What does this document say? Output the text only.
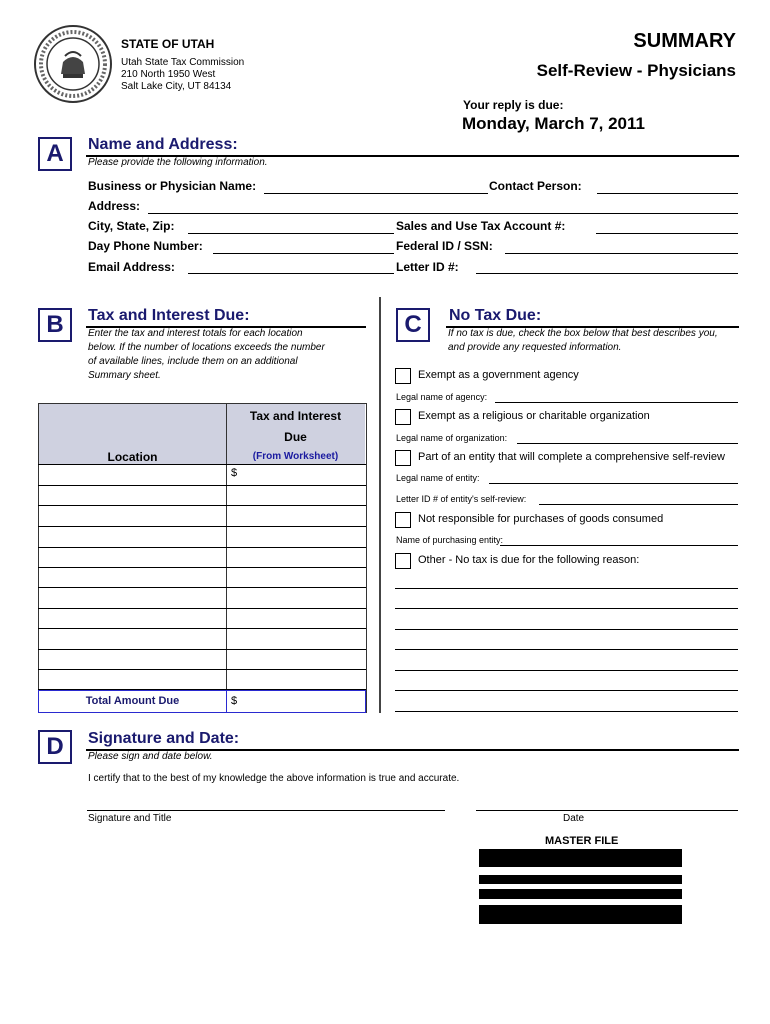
STATE OF UTAH
Utah State Tax Commission
210 North 1950 West
Salt Lake City, UT 84134
SUMMARY
Self-Review - Physicians
Your reply is due:
Monday, March 7, 2011
A	Name and Address:
Please provide the following information.
Business or Physician Name:	Contact Person:
Address:
City, State, Zip:	Sales and Use Tax Account #:
Day Phone Number:	Federal ID / SSN:
Email Address:	Letter ID #:
B	Tax and Interest Due:
Enter the tax and interest totals for each location below. If the number of locations exceeds the number of available lines, include them on an additional Summary sheet.
Location
Tax and Interest
Due
(From Worksheet)
$
Total Amount Due	$
C	No Tax Due:
If no tax is due, check the box below that best describes you, and provide any requested information.
Exempt as a government agency
Legal name of agency:
Exempt as a religious or charitable organization
Legal name of organization:
Part of an entity that will complete a comprehensive self-review
Legal name of entity:
Letter ID # of entity's self-review:
Not responsible for purchases of goods consumed
Name of purchasing entity:
Other - No tax is due for the following reason:
D	Signature and Date:
Please sign and date below.
I certify that to the best of my knowledge the above information is true and accurate.
Signature and Title	Date
MASTER FILE
